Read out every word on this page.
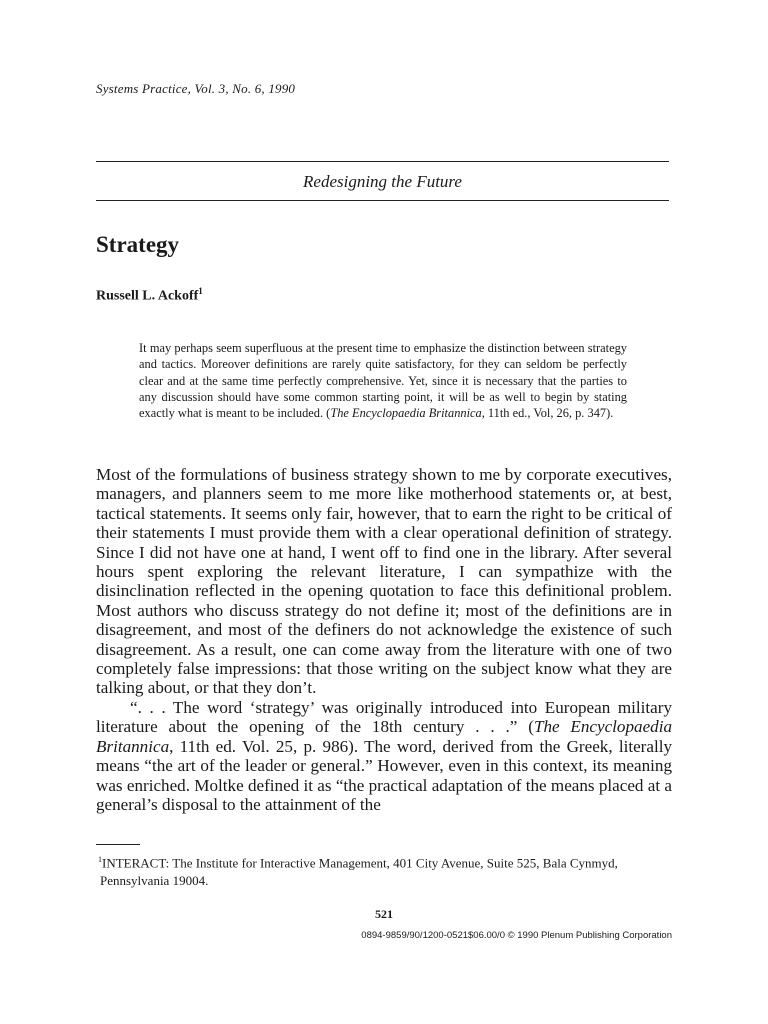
Systems Practice, Vol. 3, No. 6, 1990
Redesigning the Future
Strategy
Russell L. Ackoff$^1$
It may perhaps seem superfluous at the present time to emphasize the distinction between strategy and tactics. Moreover definitions are rarely quite satisfactory, for they can seldom be perfectly clear and at the same time perfectly comprehensive. Yet, since it is necessary that the parties to any discussion should have some common starting point, it will be as well to begin by stating exactly what is meant to be included. (The Encyclopaedia Britannica, 11th ed., Vol, 26, p. 347).

Most of the formulations of business strategy shown to me by corporate executives, managers, and planners seem to me more like motherhood statements or, at best, tactical statements. It seems only fair, however, that to earn the right to be critical of their statements I must provide them with a clear operational definition of strategy. Since I did not have one at hand, I went off to find one in the library. After several hours spent exploring the relevant literature, I can sympathize with the disinclination reflected in the opening quotation to face this definitional problem. Most authors who discuss strategy do not define it; most of the definitions are in disagreement, and most of the definers do not acknowledge the existence of such disagreement. As a result, one can come away from the literature with one of two completely false impressions: that those writing on the subject know what they are talking about, or that they don’t.

“. . . The word ‘strategy’ was originally introduced into European military literature about the opening of the 18th century . . .” (The Encyclopaedia Britannica, 11th ed. Vol. 25, p. 986). The word, derived from the Greek, literally means “the art of the leader or general.” However, even in this context, its meaning was enriched. Moltke defined it as “the practical adaptation of the means placed at a general’s disposal to the attainment of the

$^1$INTERACT: The Institute for Interactive Management, 401 City Avenue, Suite 525, Bala Cynmyd, Pennsylvania 19004.
521
0894-9859/90/1200-0521$06.00/0 © 1990 Plenum Publishing Corporation
